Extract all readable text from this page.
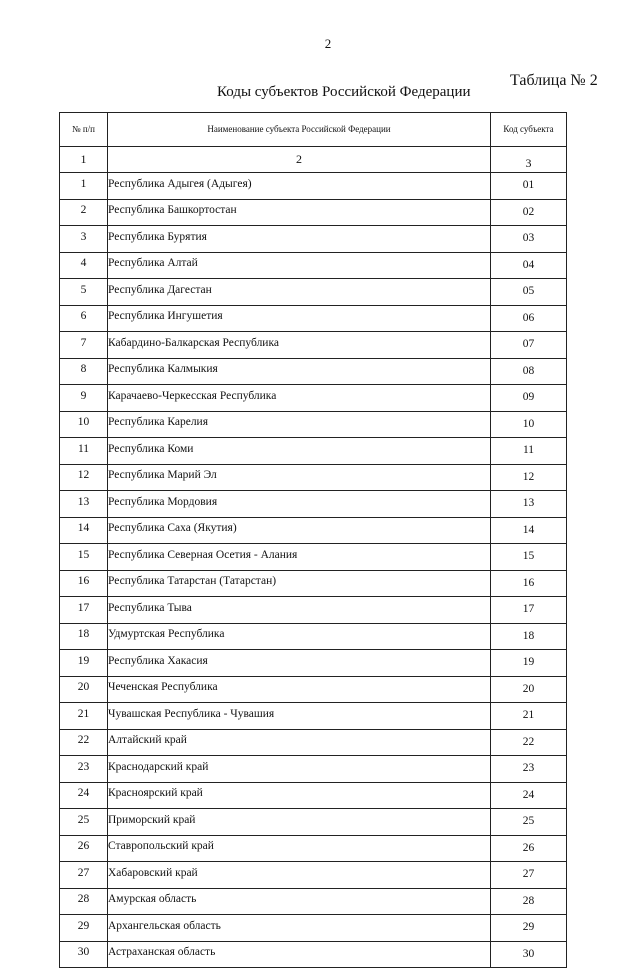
2
Таблица № 2
Коды субъектов Российской Федерации
№ п/п	Наименование субъекта Российской Федерации	Код субъекта
1	2	3
1	Республика Адыгея (Адыгея)	01
2	Республика Башкортостан	02
3	Республика Бурятия	03
4	Республика Алтай	04
5	Республика Дагестан	05
6	Республика Ингушетия	06
7	Кабардино-Балкарская Республика	07
8	Республика Калмыкия	08
9	Карачаево-Черкесская Республика	09
10	Республика Карелия	10
11	Республика Коми	11
12	Республика Марий Эл	12
13	Республика Мордовия	13
14	Республика Саха (Якутия)	14
15	Республика Северная Осетия - Алания	15
16	Республика Татарстан (Татарстан)	16
17	Республика Тыва	17
18	Удмуртская Республика	18
19	Республика Хакасия	19
20	Чеченская Республика	20
21	Чувашская Республика - Чувашия	21
22	Алтайский край	22
23	Краснодарский край	23
24	Красноярский край	24
25	Приморский край	25
26	Ставропольский край	26
27	Хабаровский край	27
28	Амурская область	28
29	Архангельская область	29
30	Астраханская область	30
